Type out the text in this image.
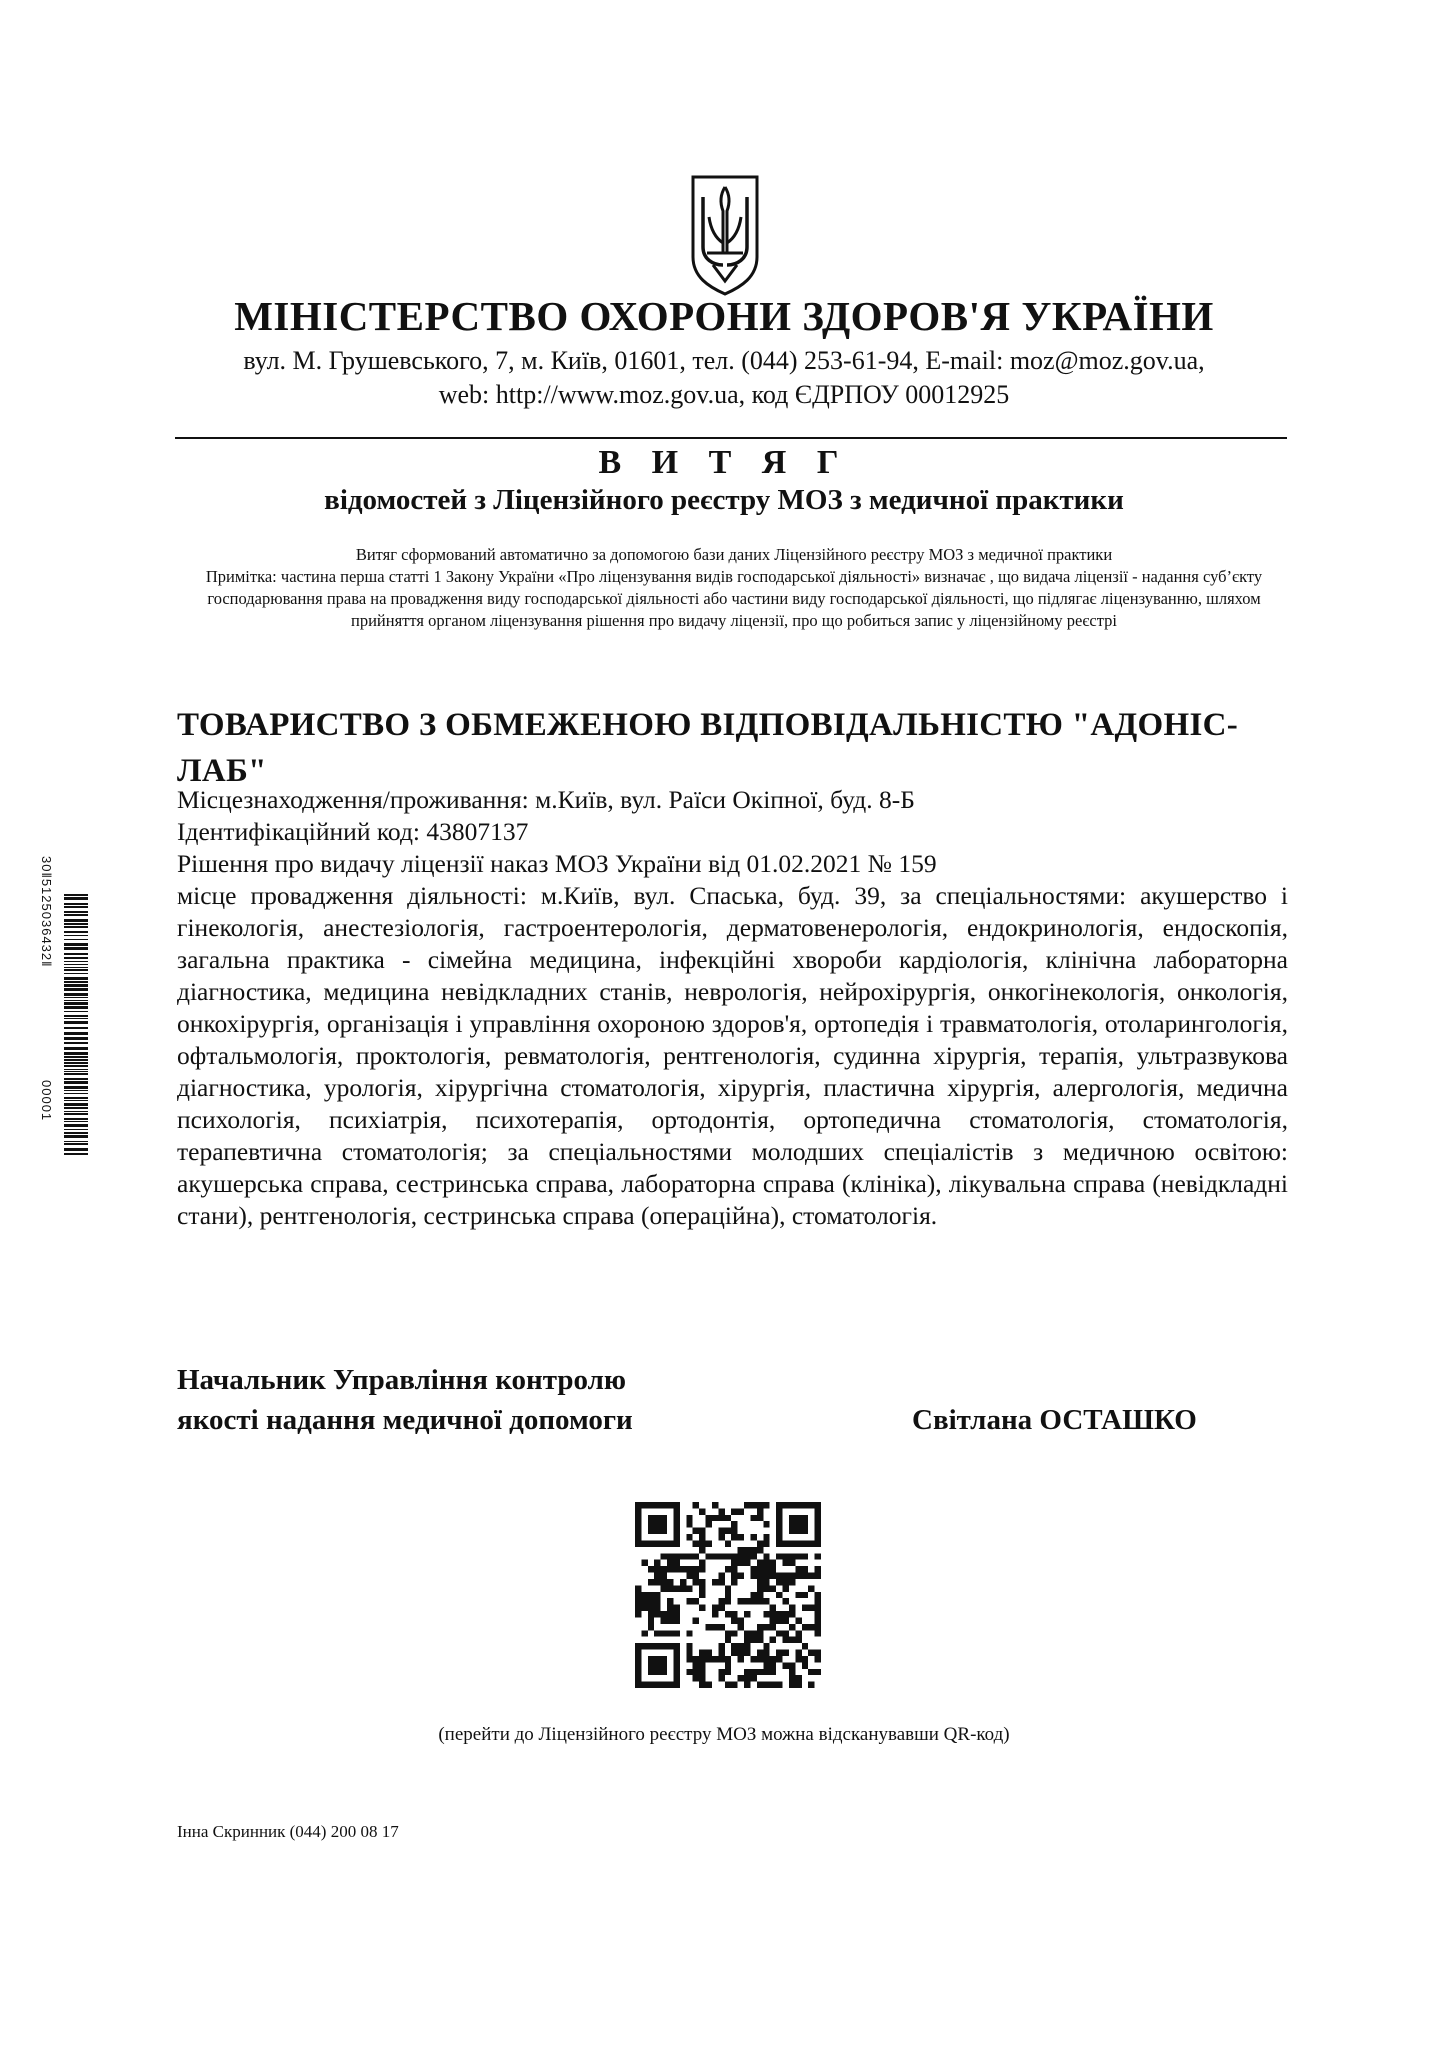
МІНІСТЕРСТВО ОХОРОНИ ЗДОРОВ'Я УКРАЇНИ
вул. М. Грушевського, 7, м. Київ, 01601, тел. (044) 253-61-94, E-mail: moz@moz.gov.ua,
web: http://www.moz.gov.ua, код ЄДРПОУ 00012925
В И Т Я Г
відомостей з Ліцензійного реєстру МОЗ з медичної практики
Витяг сформований автоматично за допомогою бази даних Ліцензійного реєстру МОЗ з медичної практики
Примітка: частина перша статті 1 Закону України «Про ліцензування видів господарської діяльності» визначає , що видача ліцензії - надання суб’єкту господарювання права на провадження виду господарської діяльності або частини виду господарської діяльності, що підлягає ліцензуванню, шляхом прийняття органом ліцензування рішення про видачу ліцензії, про що робиться запис у ліцензійному реєстрі
ТОВАРИСТВО З ОБМЕЖЕНОЮ ВІДПОВІДАЛЬНІСТЮ "АДОНІС-ЛАБ"
Місцезнаходження/проживання: м.Київ, вул. Раїси Окіпної, буд. 8-Б
Ідентифікаційний код: 43807137
Рішення про видачу ліцензії наказ МОЗ України від 01.02.2021 № 159
місце провадження діяльності: м.Київ, вул. Спаська, буд. 39, за спеціальностями: акушерство і гінекологія, анестезіологія, гастроентерологія, дерматовенерологія, ендокринологія, ендоскопія, загальна практика - сімейна медицина, інфекційні хвороби кардіологія, клінічна лабораторна діагностика, медицина невідкладних станів, неврологія, нейрохірургія, онкогінекологія, онкологія, онкохірургія, організація і управління охороною здоров'я, ортопедія і травматологія, отоларингологія, офтальмологія, проктологія, ревматологія, рентгенологія, судинна хірургія, терапія, ультразвукова діагностика, урологія, хірургічна стоматологія, хірургія, пластична хірургія, алергологія, медична психологія, психіатрія, психотерапія, ортодонтія, ортопедична стоматологія, стоматологія, терапевтична стоматологія; за спеціальностями молодших спеціалістів з медичною освітою: акушерська справа, сестринська справа, лабораторна справа (клініка), лікувальна справа (невідкладні стани), рентгенологія, сестринська справа (операційна), стоматологія.
Начальник Управління контролю
якості надання медичної допомоги	Світлана ОСТАШКО
(перейти до Ліцензійного реєстру МОЗ можна відсканувавши QR-код)
Інна Скринник (044) 200 08 17
30ǁ5125036432ǁ
00001
